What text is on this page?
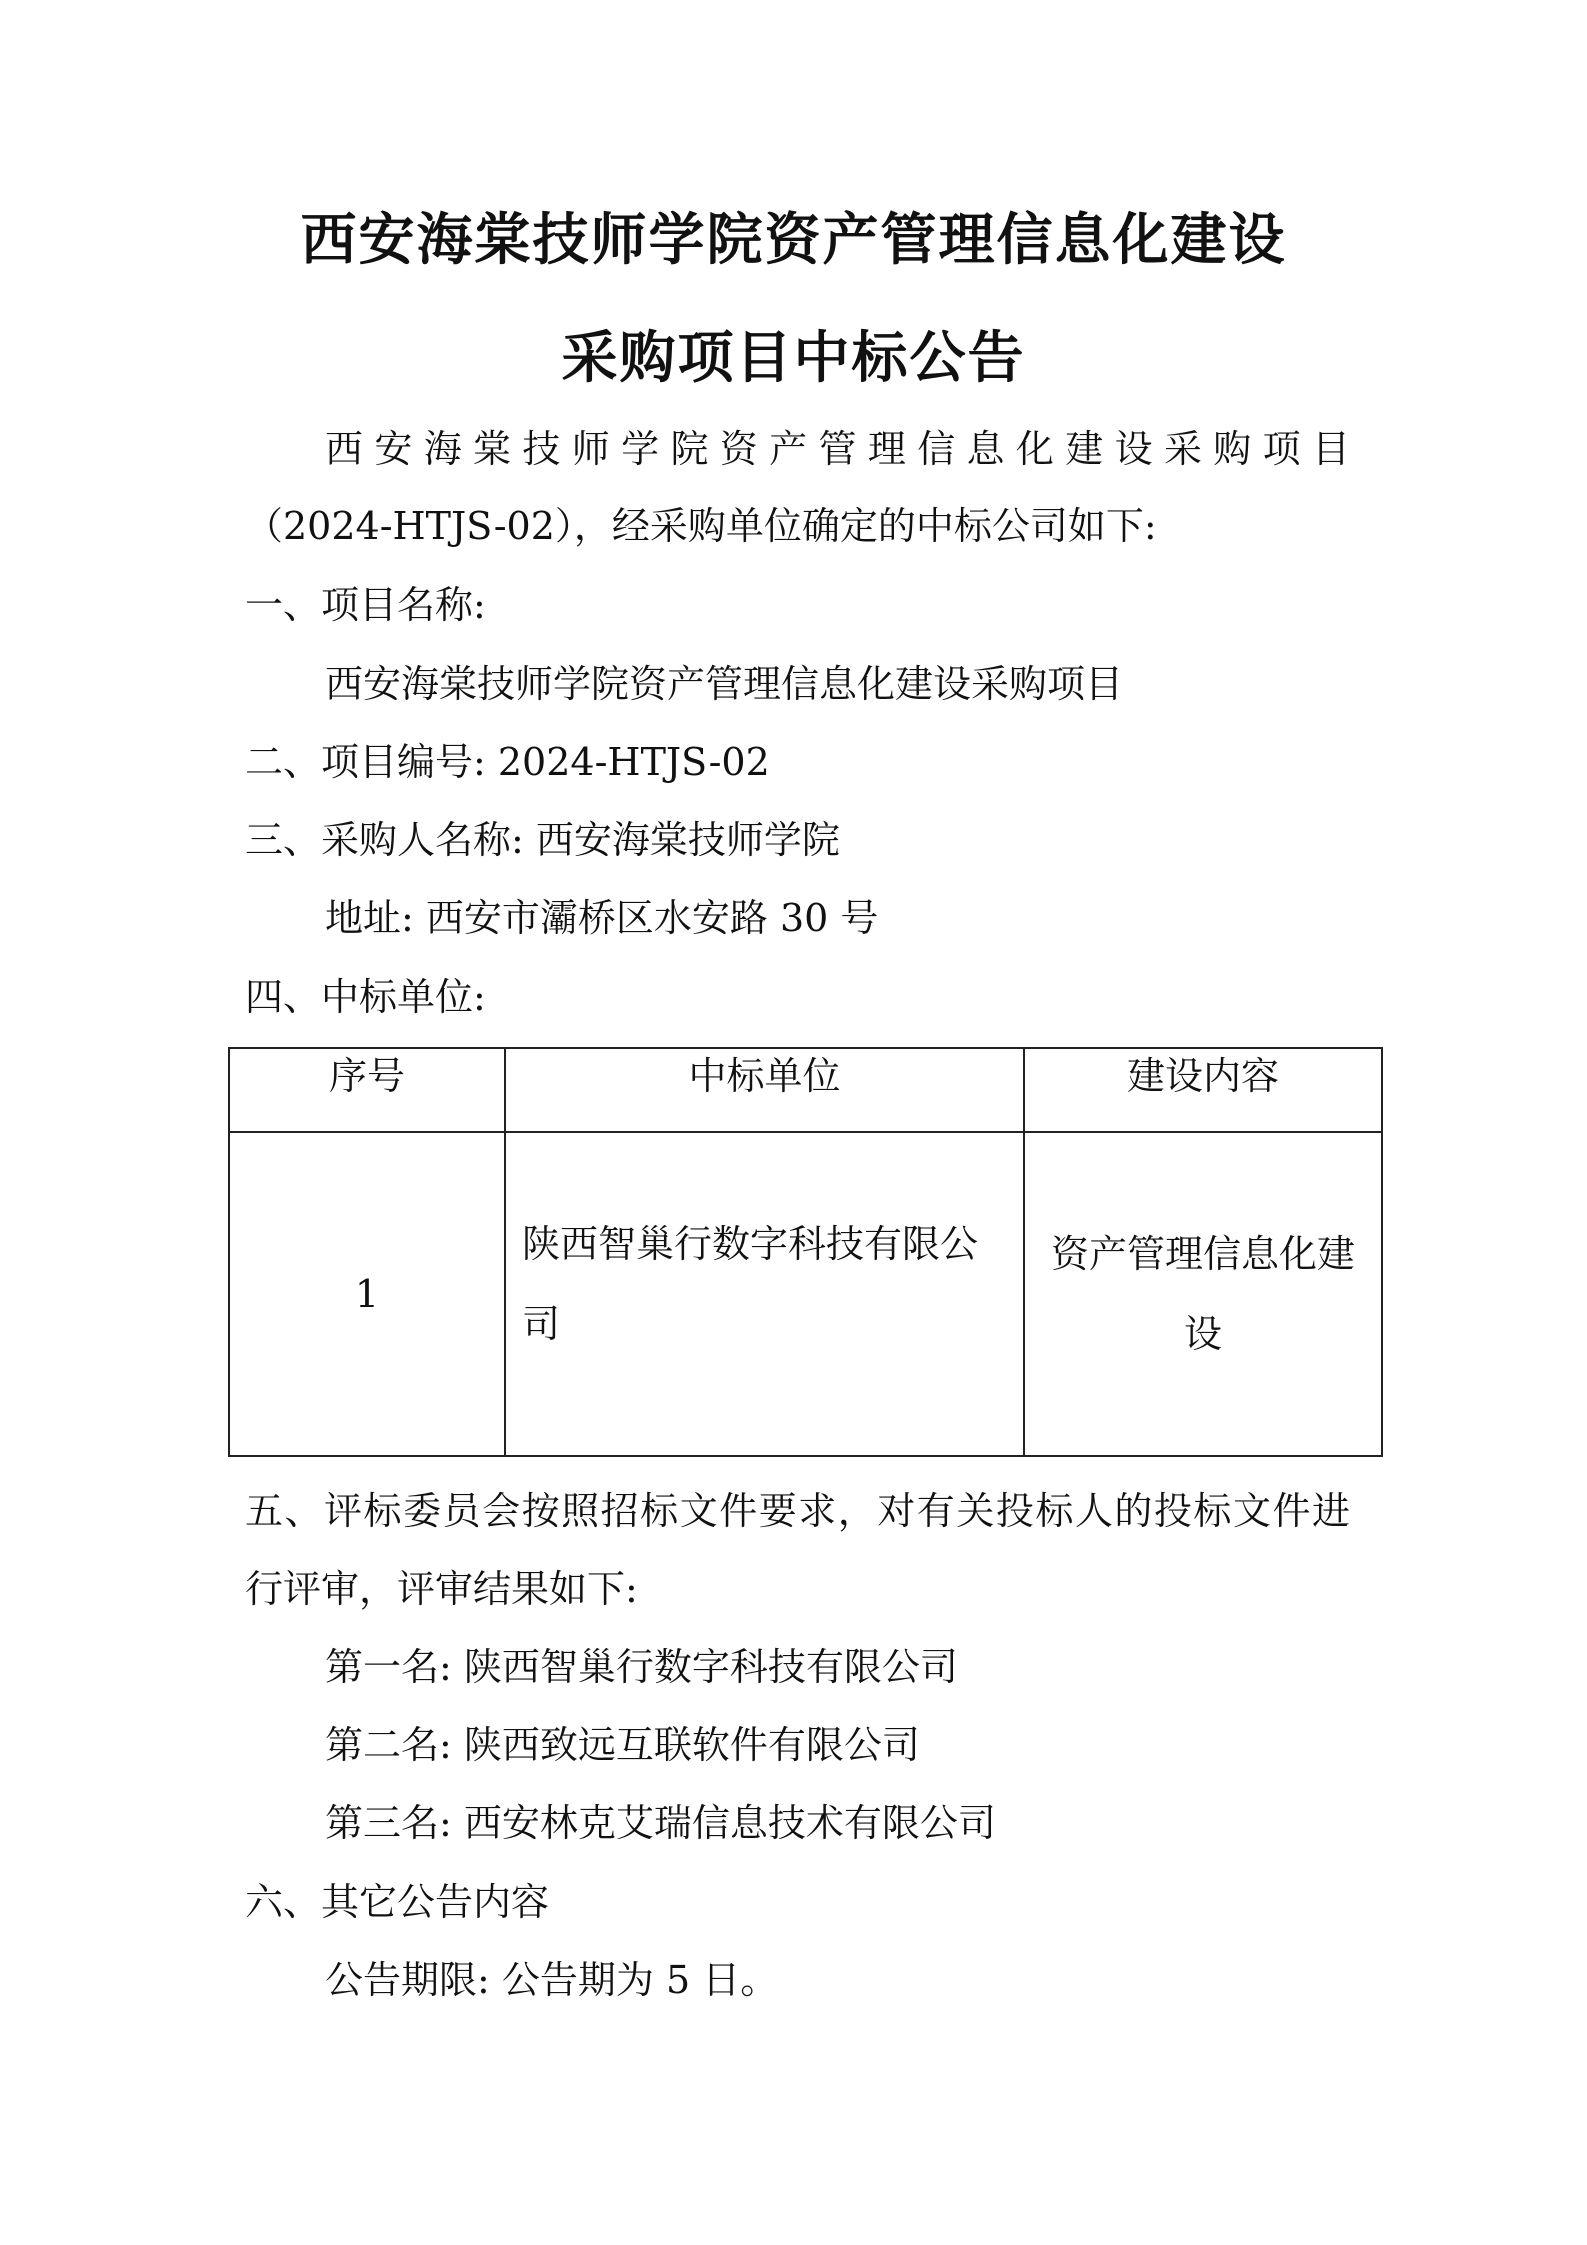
西安海棠技师学院资产管理信息化建设
采购项目中标公告
西安海棠技师学院资产管理信息化建设采购项目
（2024-HTJS-02），经采购单位确定的中标公司如下:
一、项目名称:
西安海棠技师学院资产管理信息化建设采购项目
二、项目编号: 2024-HTJS-02
三、采购人名称: 西安海棠技师学院
地址: 西安市灞桥区水安路 30 号
四、中标单位:
序号	中标单位	建设内容
1	陕西智巢行数字科技有限公司	资产管理信息化建设
五、评标委员会按照招标文件要求，对有关投标人的投标文件进
行评审，评审结果如下:
第一名: 陕西智巢行数字科技有限公司
第二名: 陕西致远互联软件有限公司
第三名: 西安林克艾瑞信息技术有限公司
六、其它公告内容
公告期限: 公告期为 5 日。
